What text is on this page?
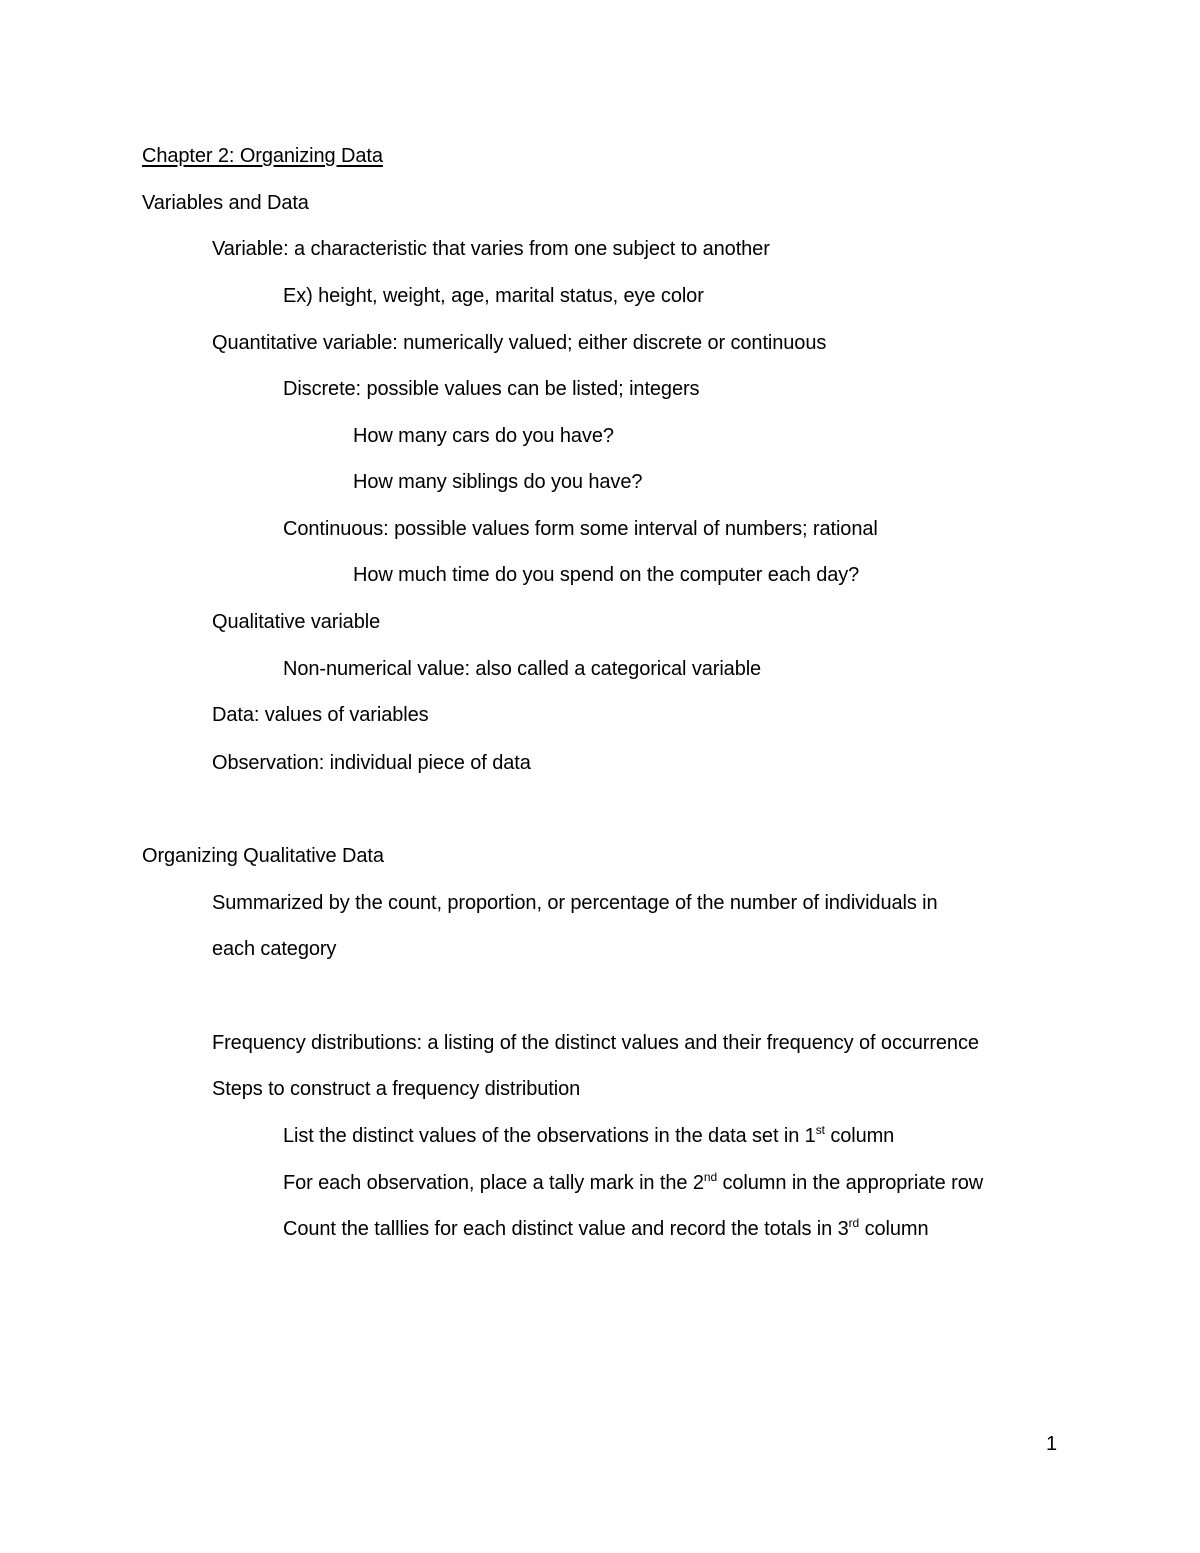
Chapter 2: Organizing Data
Variables and Data
Variable: a characteristic that varies from one subject to another
Ex) height, weight, age, marital status, eye color
Quantitative variable: numerically valued; either discrete or continuous
Discrete: possible values can be listed; integers
How many cars do you have?
How many siblings do you have?
Continuous: possible values form some interval of numbers; rational
How much time do you spend on the computer each day?
Qualitative variable
Non-numerical value: also called a categorical variable
Data: values of variables
Observation: individual piece of data
Organizing Qualitative Data
Summarized by the count, proportion, or percentage of the number of individuals in
each category
Frequency distributions: a listing of the distinct values and their frequency of occurrence
Steps to construct a frequency distribution
List the distinct values of the observations in the data set in 1st column
For each observation, place a tally mark in the 2nd column in the appropriate row
Count the talllies for each distinct value and record the totals in 3rd column
1
